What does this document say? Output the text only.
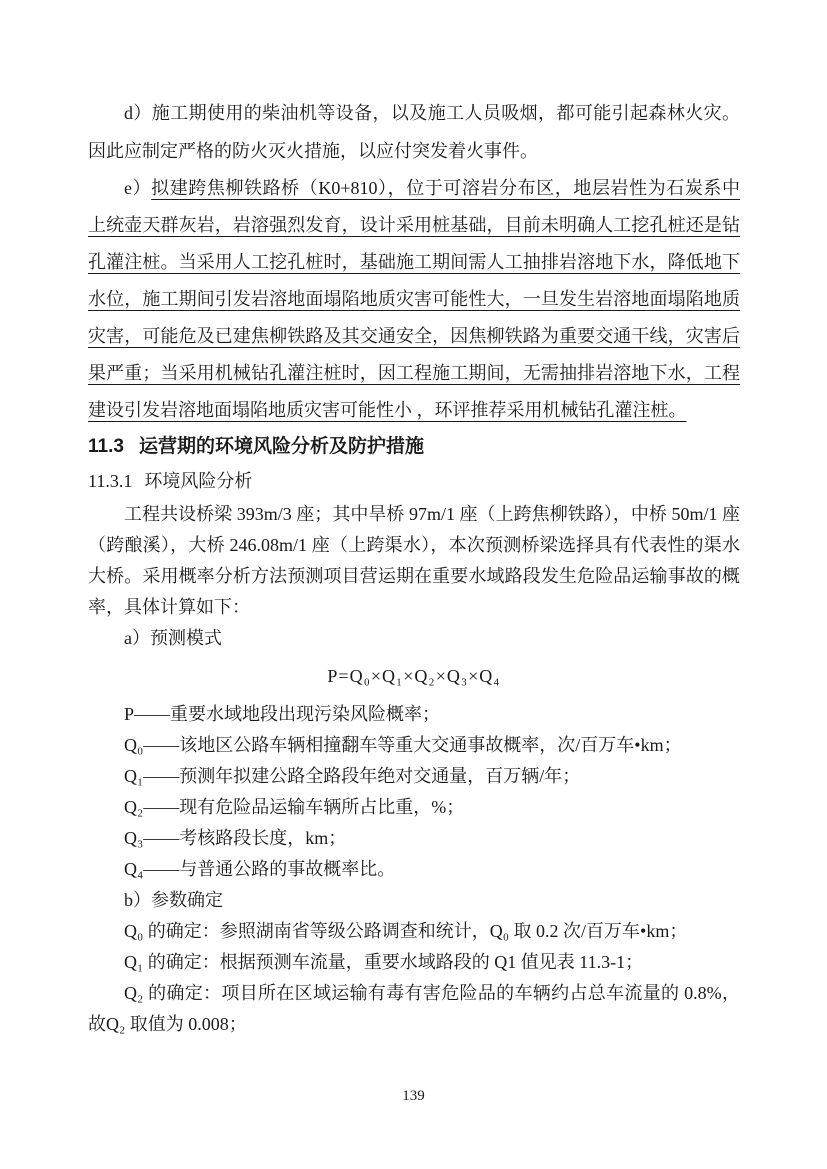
d）施工期使用的柴油机等设备，以及施工人员吸烟，都可能引起森林火灾。因此应制定严格的防火灭火措施，以应付突发着火事件。

e）拟建跨焦柳铁路桥（K0+810），位于可溶岩分布区，地层岩性为石炭系中上统壶天群灰岩，岩溶强烈发育，设计采用桩基础，目前未明确人工挖孔桩还是钻孔灌注桩。当采用人工挖孔桩时，基础施工期间需人工抽排岩溶地下水，降低地下水位，施工期间引发岩溶地面塌陷地质灾害可能性大，一旦发生岩溶地面塌陷地质灾害，可能危及已建焦柳铁路及其交通安全，因焦柳铁路为重要交通干线，灾害后果严重；当采用机械钻孔灌注桩时，因工程施工期间，无需抽排岩溶地下水，工程建设引发岩溶地面塌陷地质灾害可能性小 ，环评推荐采用机械钻孔灌注桩。

11.3 运营期的环境风险分析及防护措施
11.3.1 环境风险分析

工程共设桥梁 393m/3 座；其中旱桥 97m/1 座（上跨焦柳铁路），中桥 50m/1 座（跨酿溪），大桥 246.08m/1 座（上跨渠水），本次预测桥梁选择具有代表性的渠水大桥。采用概率分析方法预测项目营运期在重要水域路段发生危险品运输事故的概率，具体计算如下：

a）预测模式

P=Q₀×Q₁×Q₂×Q₃×Q₄

P——重要水域地段出现污染风险概率；

Q₀——该地区公路车辆相撞翻车等重大交通事故概率，次/百万车•km；

Q₁——预测年拟建公路全路段年绝对交通量，百万辆/年；

Q₂——现有危险品运输车辆所占比重，%；

Q₃——考核路段长度，km；

Q₄——与普通公路的事故概率比。

b）参数确定

Q₀ 的确定：参照湖南省等级公路调查和统计，Q₀ 取 0.2 次/百万车•km；

Q₁ 的确定：根据预测车流量，重要水域路段的 Q1 值见表 11.3-1；

Q₂ 的确定：项目所在区域运输有毒有害危险品的车辆约占总车流量的 0.8%，故Q₂ 取值为 0.008；

139
